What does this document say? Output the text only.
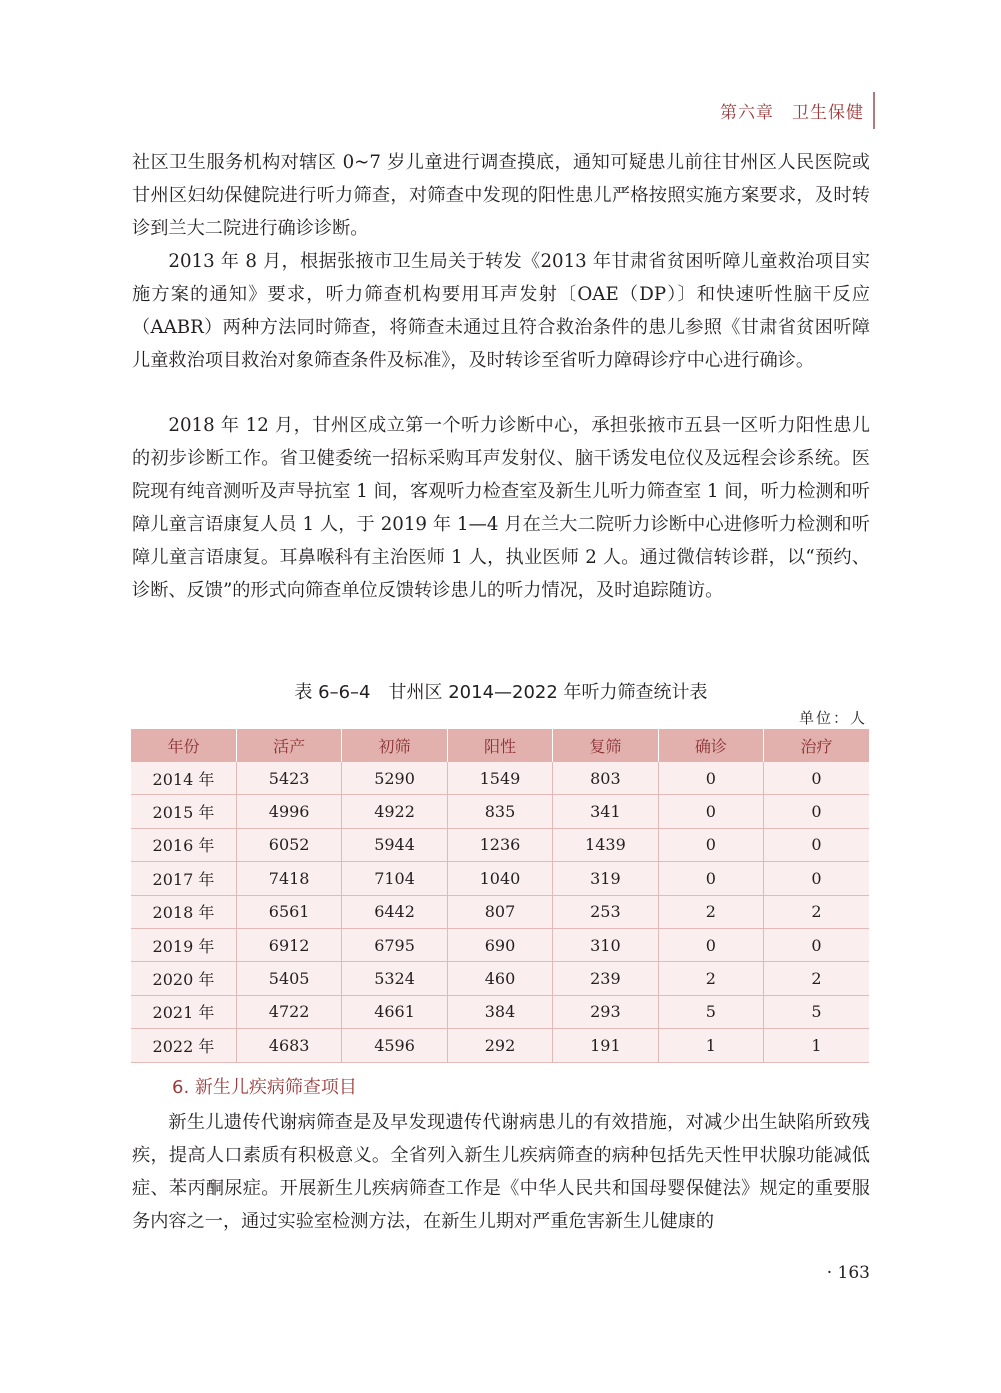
第六章　卫生保健

社区卫生服务机构对辖区 0~7 岁儿童进行调查摸底，通知可疑患儿前往甘州区人民医院或甘州区妇幼保健院进行听力筛查，对筛查中发现的阳性患儿严格按照实施方案要求，及时转诊到兰大二院进行确诊诊断。

2013 年 8 月，根据张掖市卫生局关于转发《2013 年甘肃省贫困听障儿童救治项目实施方案的通知》要求，听力筛查机构要用耳声发射〔OAE（DP）〕和快速听性脑干反应（AABR）两种方法同时筛查，将筛查未通过且符合救治条件的患儿参照《甘肃省贫困听障儿童救治项目救治对象筛查条件及标准》，及时转诊至省听力障碍诊疗中心进行确诊。

2018 年 12 月，甘州区成立第一个听力诊断中心，承担张掖市五县一区听力阳性患儿的初步诊断工作。省卫健委统一招标采购耳声发射仪、脑干诱发电位仪及远程会诊系统。医院现有纯音测听及声导抗室 1 间，客观听力检查室及新生儿听力筛查室 1 间，听力检测和听障儿童言语康复人员 1 人，于 2019 年 1—4 月在兰大二院听力诊断中心进修听力检测和听障儿童言语康复。耳鼻喉科有主治医师 1 人，执业医师 2 人。通过微信转诊群，以“预约、诊断、反馈”的形式向筛查单位反馈转诊患儿的听力情况，及时追踪随访。

表 6–6–4　甘州区 2014—2022 年听力筛查统计表
单位：人
年份	活产	初筛	阳性	复筛	确诊	治疗
2014 年	5423	5290	1549	803	0	0
2015 年	4996	4922	835	341	0	0
2016 年	6052	5944	1236	1439	0	0
2017 年	7418	7104	1040	319	0	0
2018 年	6561	6442	807	253	2	2
2019 年	6912	6795	690	310	0	0
2020 年	5405	5324	460	239	2	2
2021 年	4722	4661	384	293	5	5
2022 年	4683	4596	292	191	1	1
6. 新生儿疾病筛查项目

新生儿遗传代谢病筛查是及早发现遗传代谢病患儿的有效措施，对减少出生缺陷所致残疾，提高人口素质有积极意义。全省列入新生儿疾病筛查的病种包括先天性甲状腺功能减低症、苯丙酮尿症。开展新生儿疾病筛查工作是《中华人民共和国母婴保健法》规定的重要服务内容之一，通过实验室检测方法，在新生儿期对严重危害新生儿健康的

· 163
